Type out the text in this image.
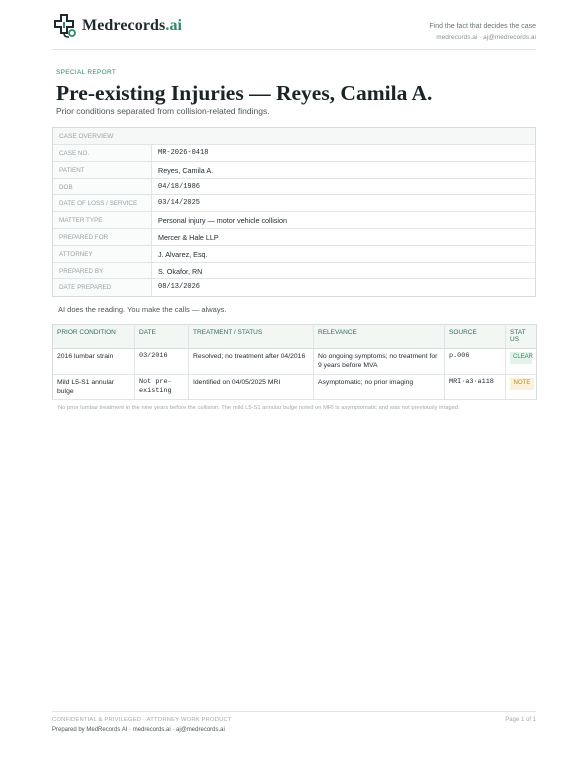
Medrecords.ai	Find the fact that decides the case
medrecords.ai · aj@medrecords.ai
SPECIAL REPORT
Pre-existing Injuries — Reyes, Camila A.
Prior conditions separated from collision-related findings.
CASE OVERVIEW
CASE NO.	MR-2026-0418
PATIENT	Reyes, Camila A.
DOB	04/18/1986
DATE OF LOSS / SERVICE	03/14/2025
MATTER TYPE	Personal injury — motor vehicle collision
PREPARED FOR	Mercer & Hale LLP
ATTORNEY	J. Alvarez, Esq.
PREPARED BY	S. Okafor, RN
DATE PREPARED	08/13/2026
AI does the reading. You make the calls — always.
PRIOR CONDITION	DATE	TREATMENT / STATUS	RELEVANCE	SOURCE	STAT US
2016 lumbar strain	03/2016	Resolved; no treatment after 04/2016	No ongoing symptoms; no treatment for 9 years before MVA	p.006	CLEAR
Mild L5-S1 annular bulge	Not pre-existing	Identified on 04/05/2025 MRI	Asymptomatic; no prior imaging	MRI·a3·a118	NOTE
No prior lumbar treatment in the nine years before the collision. The mild L5-S1 annular bulge noted on MRI is asymptomatic and was not previously imaged.
CONFIDENTIAL & PRIVILEGED · ATTORNEY WORK PRODUCT
Prepared by MedRecords AI · medrecords.ai · aj@medrecords.ai
Page 1 of 1
